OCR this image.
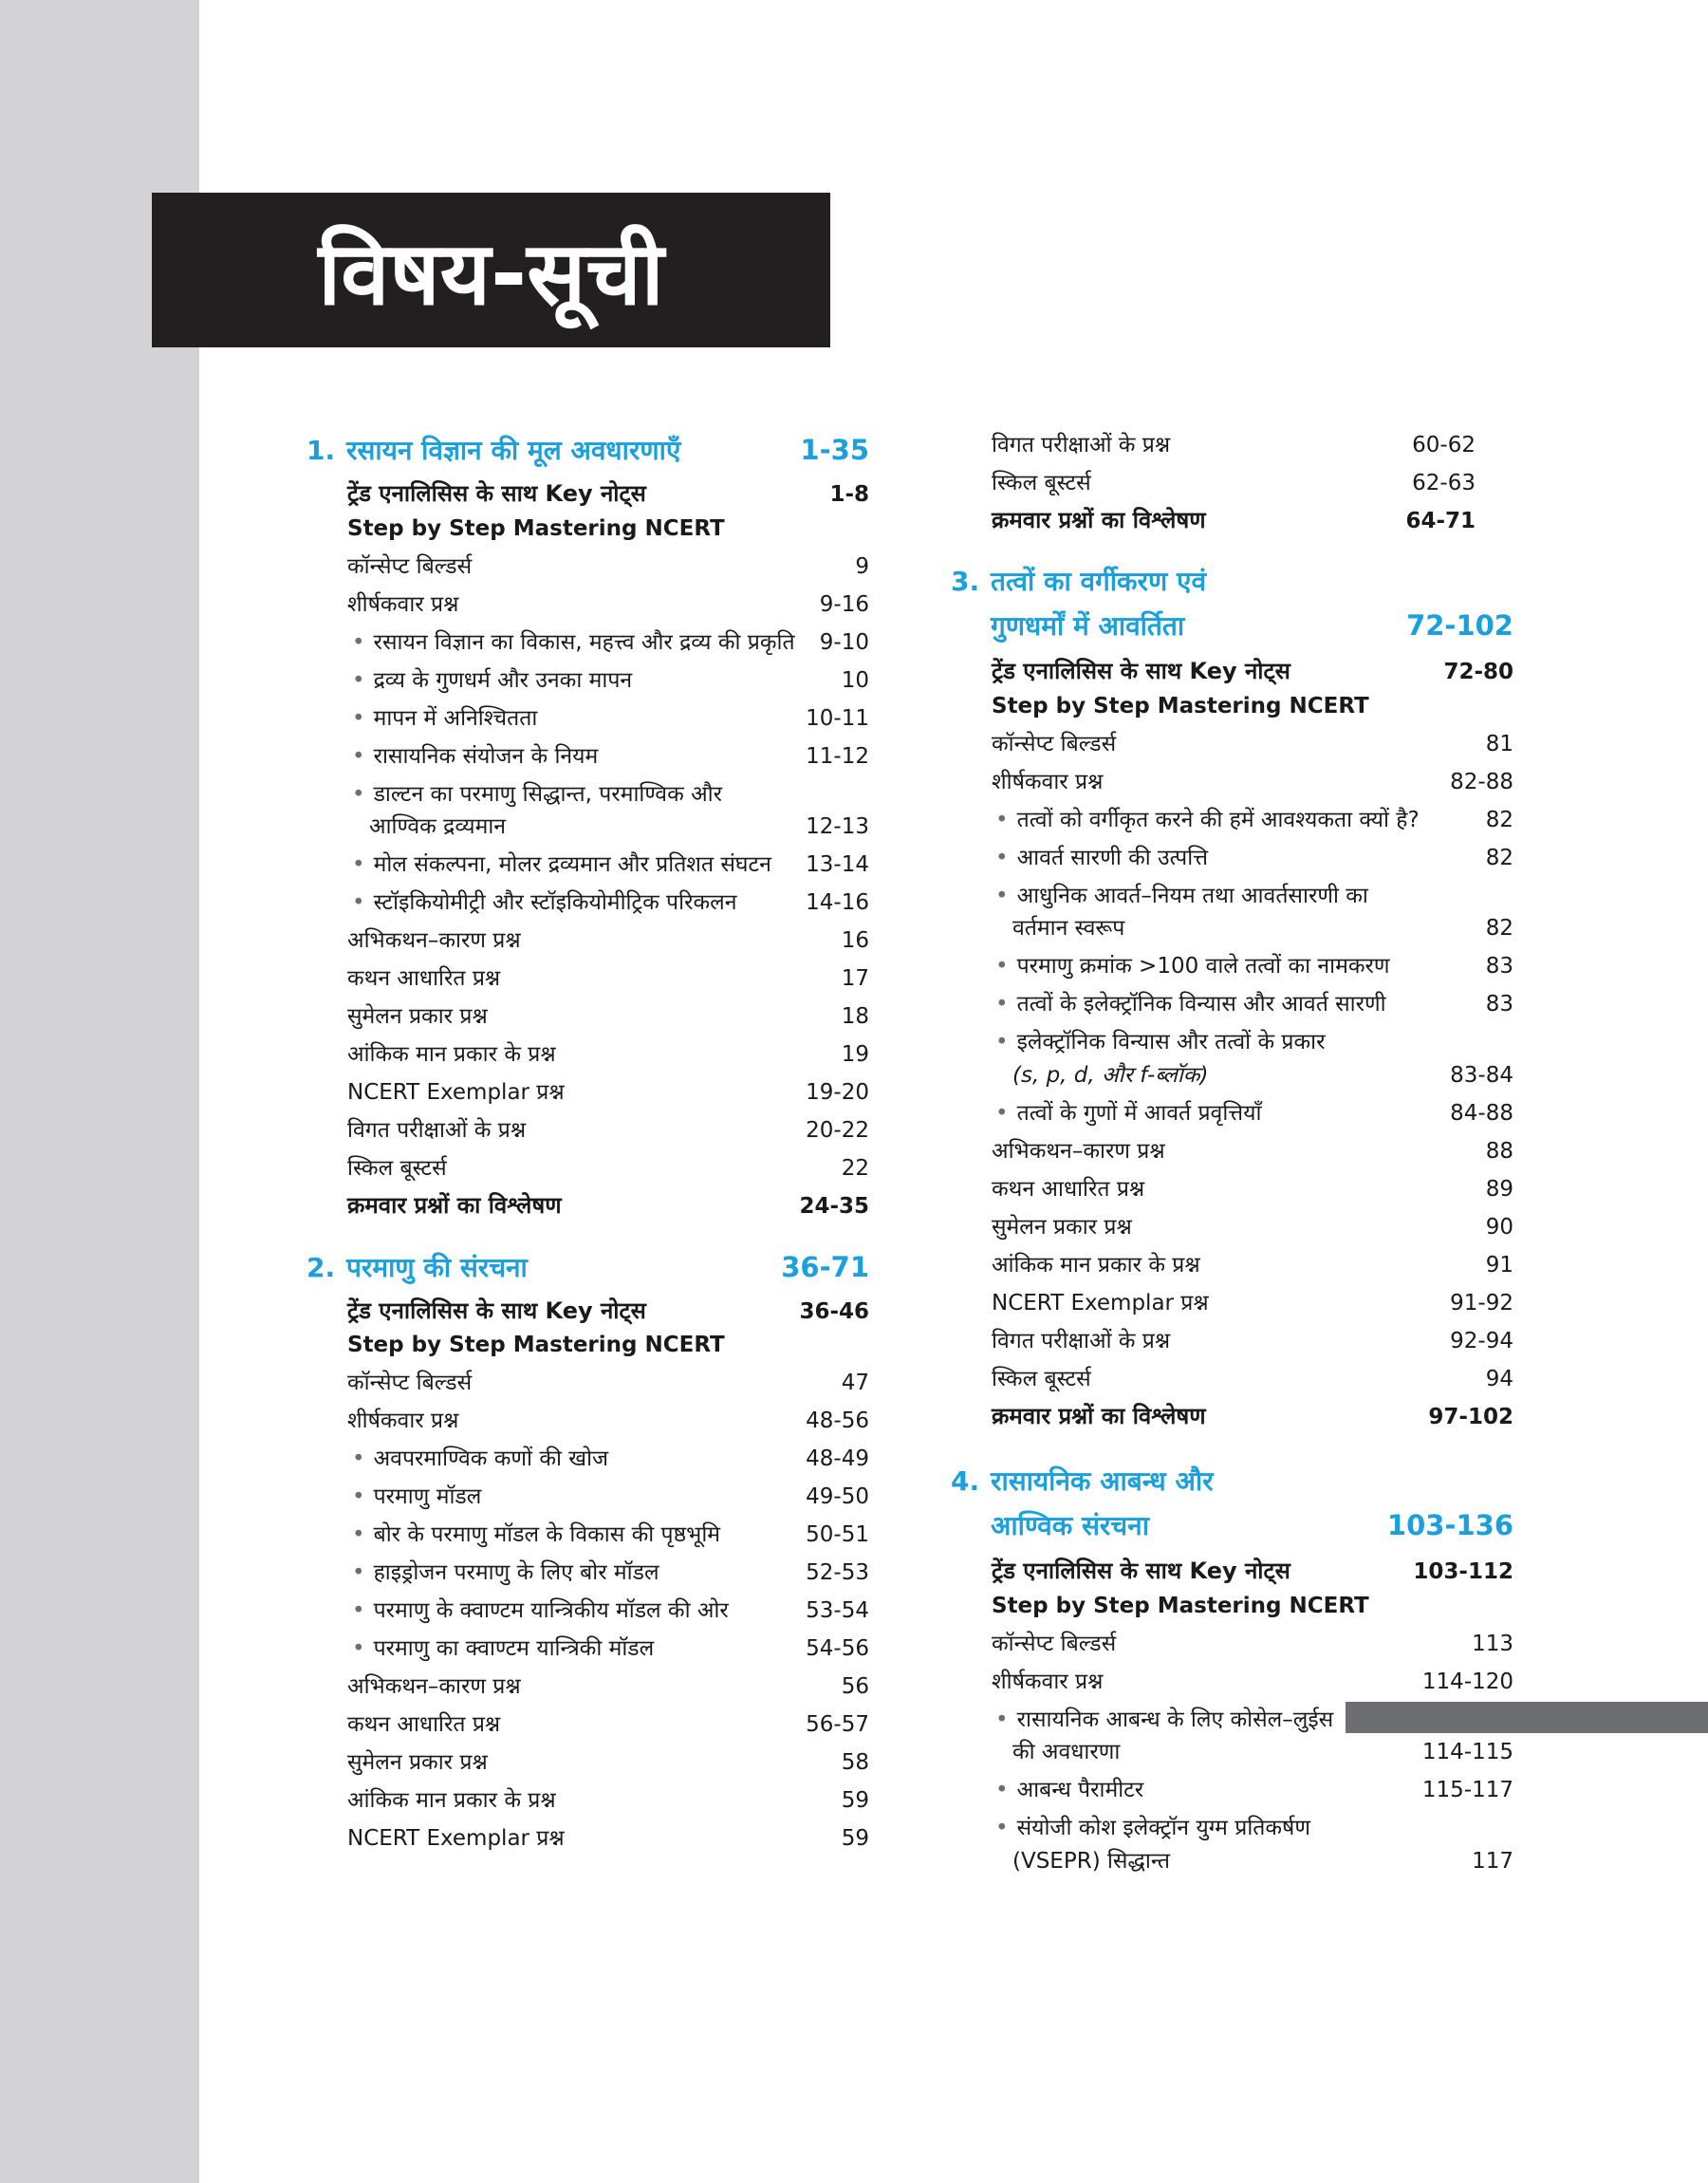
विषय-सूची
1. रसायन विज्ञान की मूल अवधारणाएँ	1-35
ट्रेंड एनालिसिस के साथ Key नोट्स	1-8
Step by Step Mastering NCERT
कॉन्सेप्ट बिल्डर्स	9
शीर्षकवार प्रश्न	9-16
• रसायन विज्ञान का विकास, महत्त्व और द्रव्य की प्रकृति	9-10
• द्रव्य के गुणधर्म और उनका मापन	10
• मापन में अनिश्चितता	10-11
• रासायनिक संयोजन के नियम	11-12
• डाल्टन का परमाणु सिद्धान्त, परमाण्विक और
आण्विक द्रव्यमान	12-13
• मोल संकल्पना, मोलर द्रव्यमान और प्रतिशत संघटन	13-14
• स्टॉइकियोमीट्री और स्टॉइकियोमीट्रिक परिकलन	14-16
अभिकथन–कारण प्रश्न	16
कथन आधारित प्रश्न	17
सुमेलन प्रकार प्रश्न	18
आंकिक मान प्रकार के प्रश्न	19
NCERT Exemplar प्रश्न	19-20
विगत परीक्षाओं के प्रश्न	20-22
स्किल बूस्टर्स	22
क्रमवार प्रश्नों का विश्लेषण	24-35
2. परमाणु की संरचना	36-71
ट्रेंड एनालिसिस के साथ Key नोट्स	36-46
Step by Step Mastering NCERT
कॉन्सेप्ट बिल्डर्स	47
शीर्षकवार प्रश्न	48-56
• अवपरमाण्विक कणों की खोज	48-49
• परमाणु मॉडल	49-50
• बोर के परमाणु मॉडल के विकास की पृष्ठभूमि	50-51
• हाइड्रोजन परमाणु के लिए बोर मॉडल	52-53
• परमाणु के क्वाण्टम यान्त्रिकीय मॉडल की ओर	53-54
• परमाणु का क्वाण्टम यान्त्रिकी मॉडल	54-56
अभिकथन–कारण प्रश्न	56
कथन आधारित प्रश्न	56-57
सुमेलन प्रकार प्रश्न	58
आंकिक मान प्रकार के प्रश्न	59
NCERT Exemplar प्रश्न	59
विगत परीक्षाओं के प्रश्न	60-62
स्किल बूस्टर्स	62-63
क्रमवार प्रश्नों का विश्लेषण	64-71
3. तत्वों का वर्गीकरण एवं
गुणधर्मों में आवर्तिता	72-102
ट्रेंड एनालिसिस के साथ Key नोट्स	72-80
Step by Step Mastering NCERT
कॉन्सेप्ट बिल्डर्स	81
शीर्षकवार प्रश्न	82-88
• तत्वों को वर्गीकृत करने की हमें आवश्यकता क्यों है?	82
• आवर्त सारणी की उत्पत्ति	82
• आधुनिक आवर्त–नियम तथा आवर्तसारणी का
वर्तमान स्वरूप	82
• परमाणु क्रमांक >100 वाले तत्वों का नामकरण	83
• तत्वों के इलेक्ट्रॉनिक विन्यास और आवर्त सारणी	83
• इलेक्ट्रॉनिक विन्यास और तत्वों के प्रकार
(s, p, d, और f-ब्लॉक)	83-84
• तत्वों के गुणों में आवर्त प्रवृत्तियाँ	84-88
अभिकथन–कारण प्रश्न	88
कथन आधारित प्रश्न	89
सुमेलन प्रकार प्रश्न	90
आंकिक मान प्रकार के प्रश्न	91
NCERT Exemplar प्रश्न	91-92
विगत परीक्षाओं के प्रश्न	92-94
स्किल बूस्टर्स	94
क्रमवार प्रश्नों का विश्लेषण	97-102
4. रासायनिक आबन्ध और
आण्विक संरचना	103-136
ट्रेंड एनालिसिस के साथ Key नोट्स	103-112
Step by Step Mastering NCERT
कॉन्सेप्ट बिल्डर्स	113
शीर्षकवार प्रश्न	114-120
• रासायनिक आबन्ध के लिए कोसेल–लुईस
की अवधारणा	114-115
• आबन्ध पैरामीटर	115-117
• संयोजी कोश इलेक्ट्रॉन युग्म प्रतिकर्षण
(VSEPR) सिद्धान्त	117
